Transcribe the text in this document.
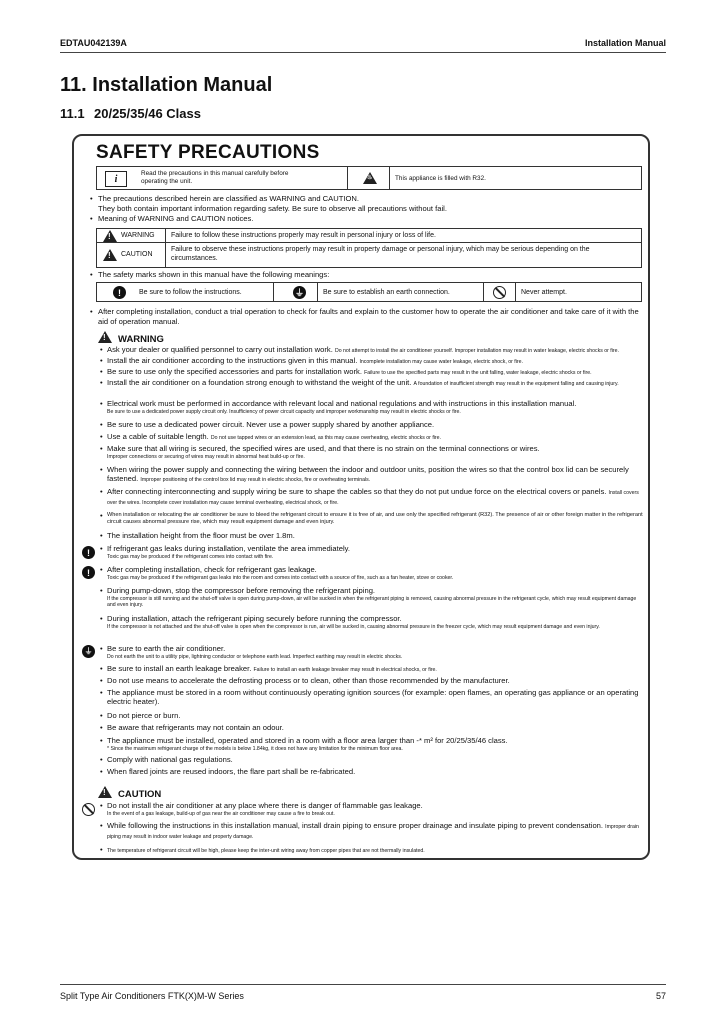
EDTAU042139A	Installation Manual
11. Installation Manual
11.1 20/25/35/46 Class
SAFETY PRECAUTIONS
i	Read the precautions in this manual carefully before operating the unit.
♨	This appliance is filled with R32.
• The precautions described herein are classified as WARNING and CAUTION.
They both contain important information regarding safety. Be sure to observe all precautions without fail.
• Meaning of WARNING and CAUTION notices.
!
WARNING Failure to follow these instructions properly may result in personal injury or loss of life.
!
CAUTION
Failure to observe these instructions properly may result in property damage or personal injury, which may be serious depending on the circumstances.
• The safety marks shown in this manual have the following meanings:
!	Be sure to follow the instructions.	⏚	Be sure to establish an earth connection.	Never attempt.
• After completing installation, conduct a trial operation to check for faults and explain to the customer how to operate the air conditioner and take care of it with the aid of operation manual.
!WARNING
• Ask your dealer or qualified personnel to carry out installation work. Do not attempt to install the air conditioner yourself. Improper installation may result in water leakage, electric shocks or fire.
• Install the air conditioner according to the instructions given in this manual. Incomplete installation may cause water leakage, electric shock, or fire.
• Be sure to use only the specified accessories and parts for installation work. Failure to use the specified parts may result in the unit falling, water leakage, electric shocks or fire.
• Install the air conditioner on a foundation strong enough to withstand the weight of the unit. A foundation of insufficient strength may result in the equipment falling and causing injury.
• Electrical work must be performed in accordance with relevant local and national regulations and with instructions in this installation manual.
Be sure to use a dedicated power supply circuit only. Insufficiency of power circuit capacity and improper workmanship may result in electric shocks or fire.
• Be sure to use a dedicated power circuit. Never use a power supply shared by another appliance.
• Use a cable of suitable length. Do not use tapped wires or an extension lead, as this may cause overheating, electric shocks or fire.
• Make sure that all wiring is secured, the specified wires are used, and that there is no strain on the terminal connections or wires.
Improper connections or securing of wires may result in abnormal heat build-up or fire.
• When wiring the power supply and connecting the wiring between the indoor and outdoor units, position the wires so that the control box lid can be securely fastened. Improper positioning of the control box lid may result in electric shocks, fire or overheating terminals.
• After connecting interconnecting and supply wiring be sure to shape the cables so that they do not put undue force on the electrical covers or panels. Install covers over the wires. Incomplete cover installation may cause terminal overheating, electrical shock, or fire.
• When installation or relocating the air conditioner be sure to bleed the refrigerant circuit to ensure it is free of air, and use only the specified refrigerant (R32). The presence of air or other foreign matter in the refrigerant circuit causes abnormal pressure rise, which may result equipment damage and even injury.
• The installation height from the floor must be over 1.8m.
!	• If refrigerant gas leaks during installation, ventilate the area immediately.
Toxic gas may be produced if the refrigerant comes into contact with fire.
!	• After completing installation, check for refrigerant gas leakage.
Toxic gas may be produced if the refrigerant gas leaks into the room and comes into contact with a source of fire, such as a fan heater, stove or cooker.
• During pump-down, stop the compressor before removing the refrigerant piping.
If the compressor is still running and the shut-off valve is open during pump-down, air will be sucked in when the refrigerant piping is removed, causing abnormal pressure in the refrigerant cycle, which may result equipment damage and even injury.
• During installation, attach the refrigerant piping securely before running the compressor.
If the compressor is not attached and the shut-off valve is open when the compressor is run, air will be sucked in, causing abnormal pressure in the freezer cycle, which may result equipment damage and even injury.
⏚ • Be sure to earth the air conditioner.
Do not earth the unit to a utility pipe, lightning conductor or telephone earth lead. Imperfect earthing may result in electric shocks.
• Be sure to install an earth leakage breaker. Failure to install an earth leakage breaker may result in electrical shocks, or fire.
• Do not use means to accelerate the defrosting process or to clean, other than those recommended by the manufacturer.
• The appliance must be stored in a room without continuously operating ignition sources (for example: open flames, an operating gas appliance or an operating electric heater).
• Do not pierce or burn.
• Be aware that refrigerants may not contain an odour.
• The appliance must be installed, operated and stored in a room with a floor area larger than -* m² for 20/25/35/46 class.
* Since the maximum refrigerant charge of the models is below 1.84kg, it does not have any limitation for the minimum floor area.
• Comply with national gas regulations.
• When flared joints are reused indoors, the flare part shall be re-fabricated.
!CAUTION
• Do not install the air conditioner at any place where there is danger of flammable gas leakage.
In the event of a gas leakage, build-up of gas near the air conditioner may cause a fire to break out.
• While following the instructions in this installation manual, install drain piping to ensure proper drainage and insulate piping to prevent condensation. Improper drain piping may result in indoor water leakage and property damage.
• The temperature of refrigerant circuit will be high, please keep the inter-unit wiring away from copper pipes that are not thermally insulated.
Split Type Air Conditioners FTK(X)M-W Series	57
